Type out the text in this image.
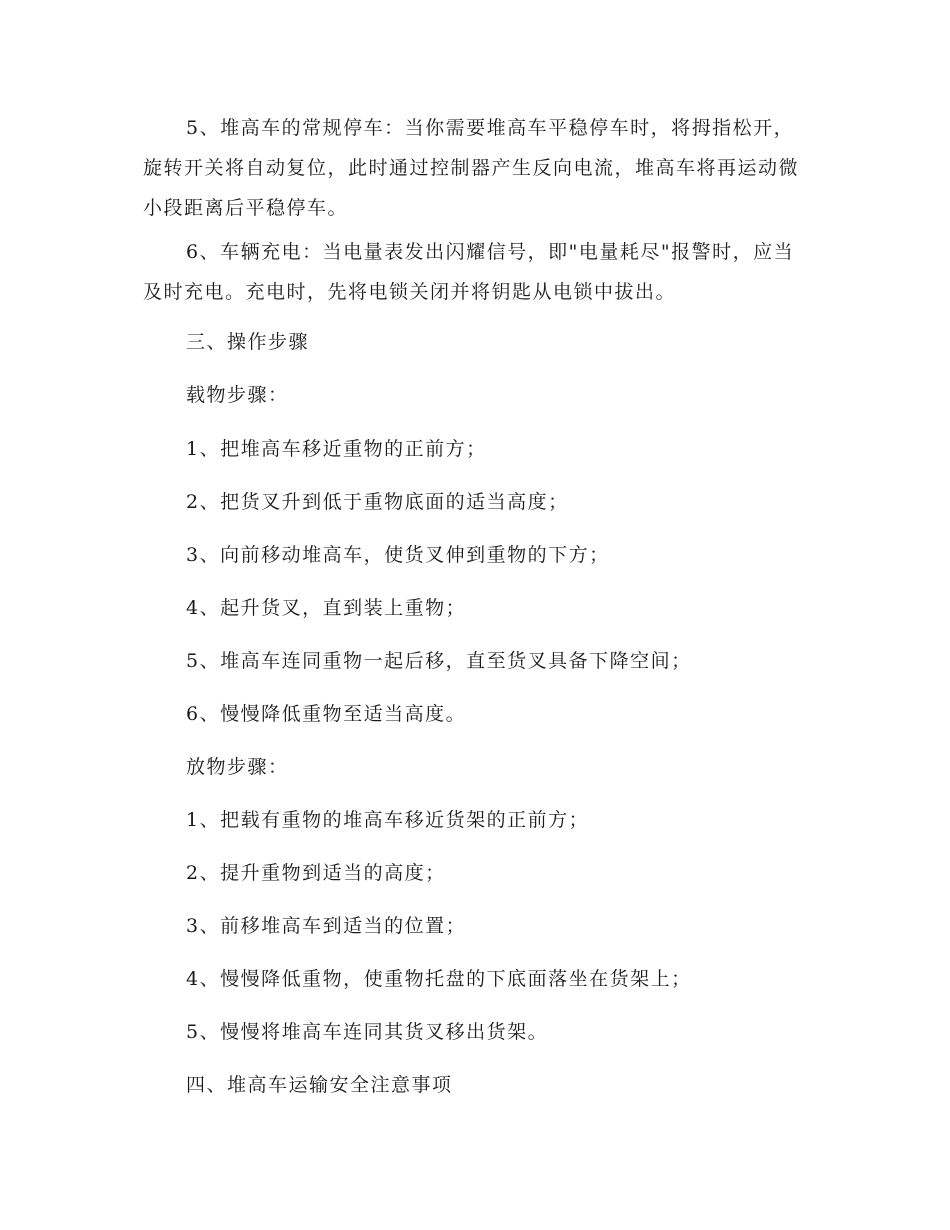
5、堆高车的常规停车：当你需要堆高车平稳停车时，将拇指松开，旋转开关将自动复位，此时通过控制器产生反向电流，堆高车将再运动微小段距离后平稳停车。

6、车辆充电：当电量表发出闪耀信号，即"电量耗尽"报警时，应当及时充电。充电时，先将电锁关闭并将钥匙从电锁中拔出。

三、操作步骤

载物步骤：

1、把堆高车移近重物的正前方；

2、把货叉升到低于重物底面的适当高度；

3、向前移动堆高车，使货叉伸到重物的下方；

4、起升货叉，直到装上重物；

5、堆高车连同重物一起后移，直至货叉具备下降空间；

6、慢慢降低重物至适当高度。

放物步骤：

1、把载有重物的堆高车移近货架的正前方；

2、提升重物到适当的高度；

3、前移堆高车到适当的位置；

4、慢慢降低重物，使重物托盘的下底面落坐在货架上；

5、慢慢将堆高车连同其货叉移出货架。

四、堆高车运输安全注意事项
